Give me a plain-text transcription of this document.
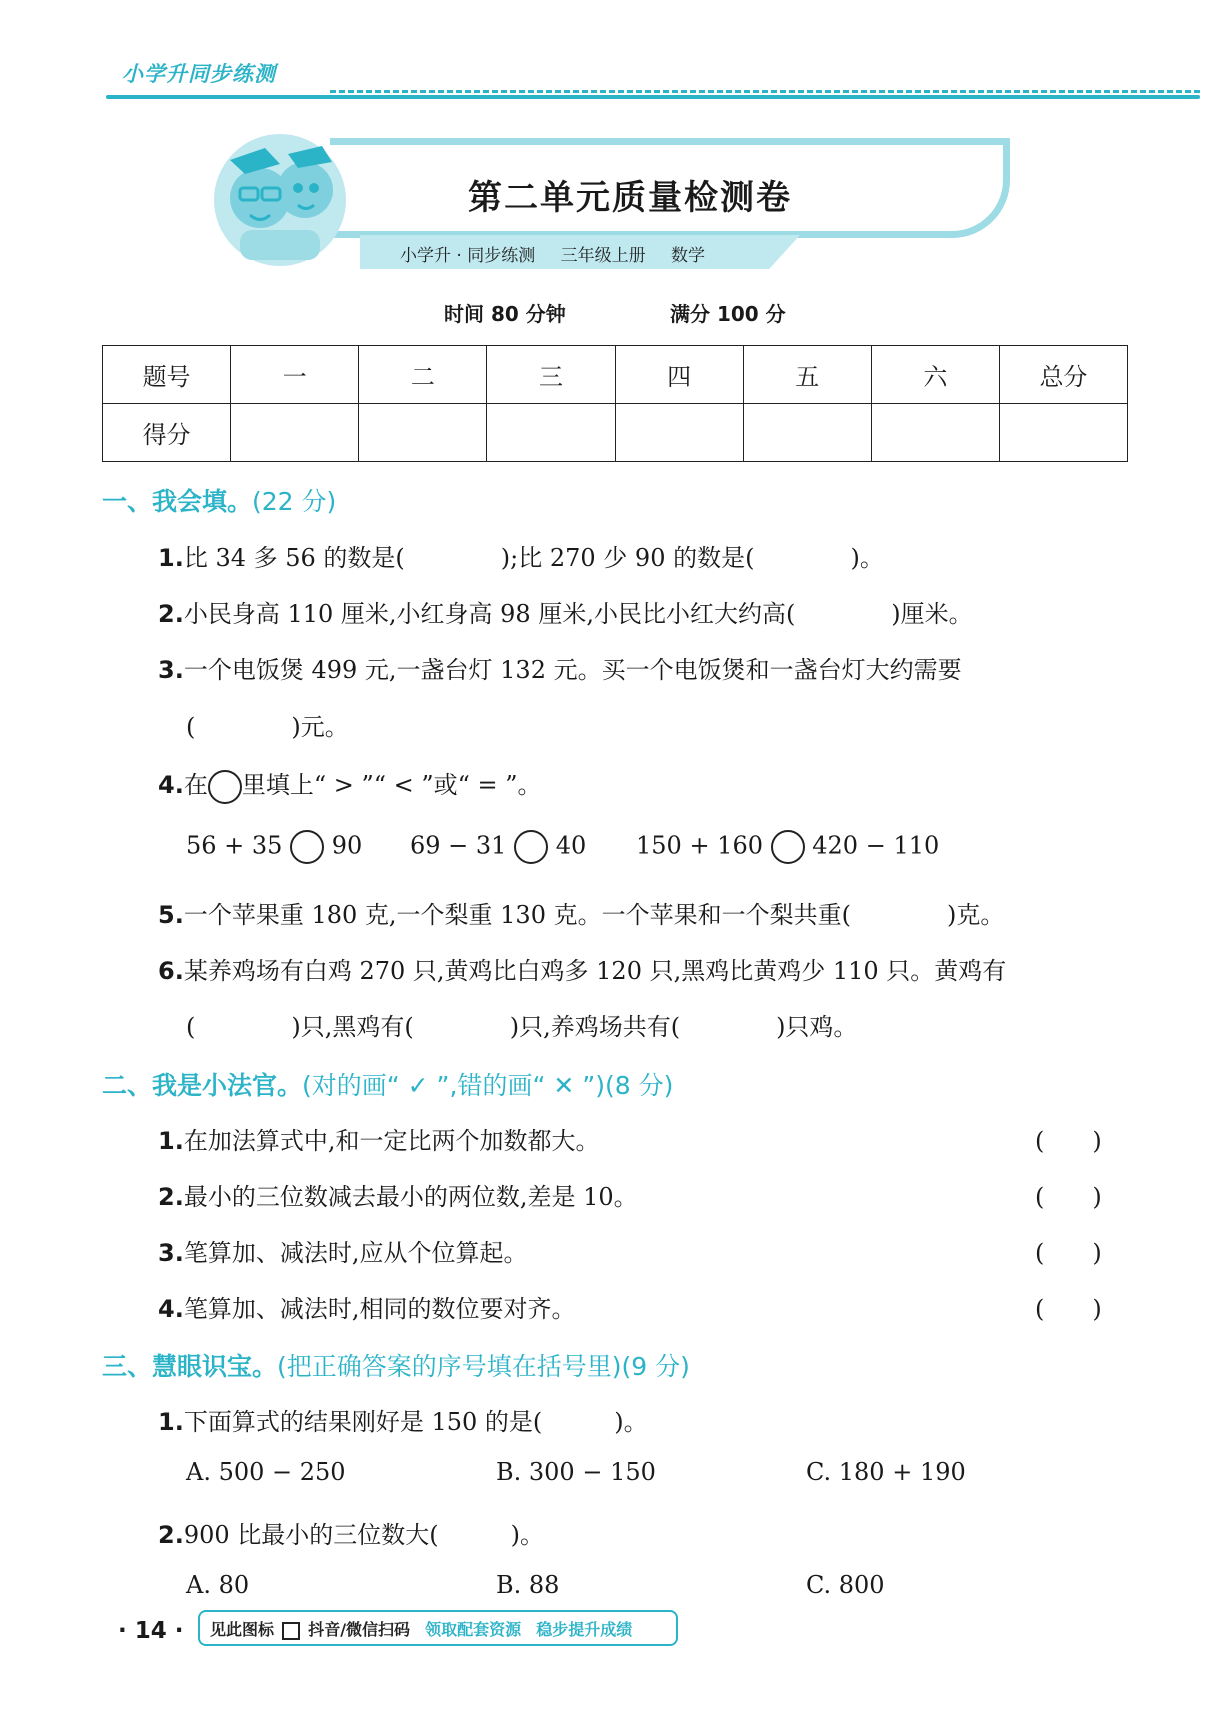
小学升同步练测
第二单元质量检测卷
小学升 · 同步练测 三年级上册 数学
时间 80 分钟	满分 100 分
题号	一	二	三	四	五	六	总分
得分							
一、我会填。(22 分)
1.比 34 多 56 的数是(　　　　);比 270 少 90 的数是(　　　　)。
2.小民身高 110 厘米,小红身高 98 厘米,小民比小红大约高(　　　　)厘米。
3.一个电饭煲 499 元,一盏台灯 132 元。买一个电饭煲和一盏台灯大约需要
(　　　　)元。
4.在 里填上“ > ”“ < ”或“ = ”。
56 + 35 90 69 − 31 40 150 + 160 420 − 110
5.一个苹果重 180 克,一个梨重 130 克。一个苹果和一个梨共重(　　　　)克。
6.某养鸡场有白鸡 270 只,黄鸡比白鸡多 120 只,黑鸡比黄鸡少 110 只。黄鸡有
(　　　　)只,黑鸡有(　　　　)只,养鸡场共有(　　　　)只鸡。
二、我是小法官。(对的画“ ✓ ”,错的画“ ✕ ”)(8 分)
1.在加法算式中,和一定比两个加数都大。	(　　)
2.最小的三位数减去最小的两位数,差是 10。	(　　)
3.笔算加、减法时,应从个位算起。	(　　)
4.笔算加、减法时,相同的数位要对齐。	(　　)
三、慧眼识宝。(把正确答案的序号填在括号里)(9 分)
1.下面算式的结果刚好是 150 的是(　　　)。
A. 500 − 250	B. 300 − 150	C. 180 + 190
2.900 比最小的三位数大(　　　)。
A. 80	B. 88	C. 800
· 14 · 见此图标 抖音/微信扫码 领取配套资源 稳步提升成绩
